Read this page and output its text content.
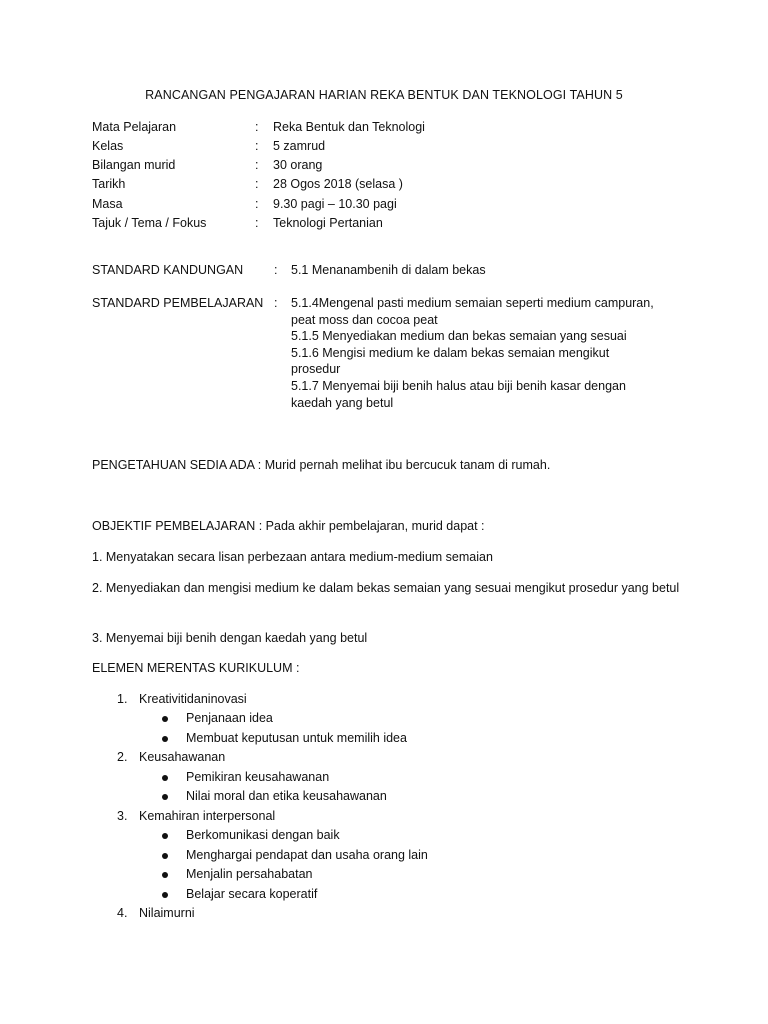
RANCANGAN PENGAJARAN HARIAN REKA BENTUK DAN TEKNOLOGI TAHUN 5
Mata Pelajaran	:	Reka Bentuk dan Teknologi
Kelas	:	5 zamrud
Bilangan murid	:	30 orang
Tarikh	:	28 Ogos 2018 (selasa )
Masa	:	9.30 pagi – 10.30 pagi
Tajuk / Tema / Fokus	:	Teknologi Pertanian
STANDARD KANDUNGAN	:	5.1 Menanambenih di dalam bekas
STANDARD PEMBELAJARAN :	5.1.4Mengenal pasti medium semaian seperti medium campuran,
peat moss dan cocoa peat
5.1.5 Menyediakan medium dan bekas semaian yang sesuai
5.1.6 Mengisi medium ke dalam bekas semaian mengikut
prosedur
5.1.7 Menyemai biji benih halus atau biji benih kasar dengan
kaedah yang betul
PENGETAHUAN SEDIA ADA : Murid pernah melihat ibu bercucuk tanam di rumah.
OBJEKTIF PEMBELAJARAN : Pada akhir pembelajaran, murid dapat :
1. Menyatakan secara lisan perbezaan antara medium-medium semaian
2. Menyediakan dan mengisi medium ke dalam bekas semaian yang sesuai mengikut prosedur yang betul
3. Menyemai biji benih dengan kaedah yang betul
ELEMEN MERENTAS KURIKULUM :
1. Kreativitidaninovasi
Penjanaan idea
Membuat keputusan untuk memilih idea
2. Keusahawanan
Pemikiran keusahawanan
Nilai moral dan etika keusahawanan
3. Kemahiran interpersonal
Berkomunikasi dengan baik
Menghargai pendapat dan usaha orang lain
Menjalin persahabatan
Belajar secara koperatif
4. Nilaimurni
